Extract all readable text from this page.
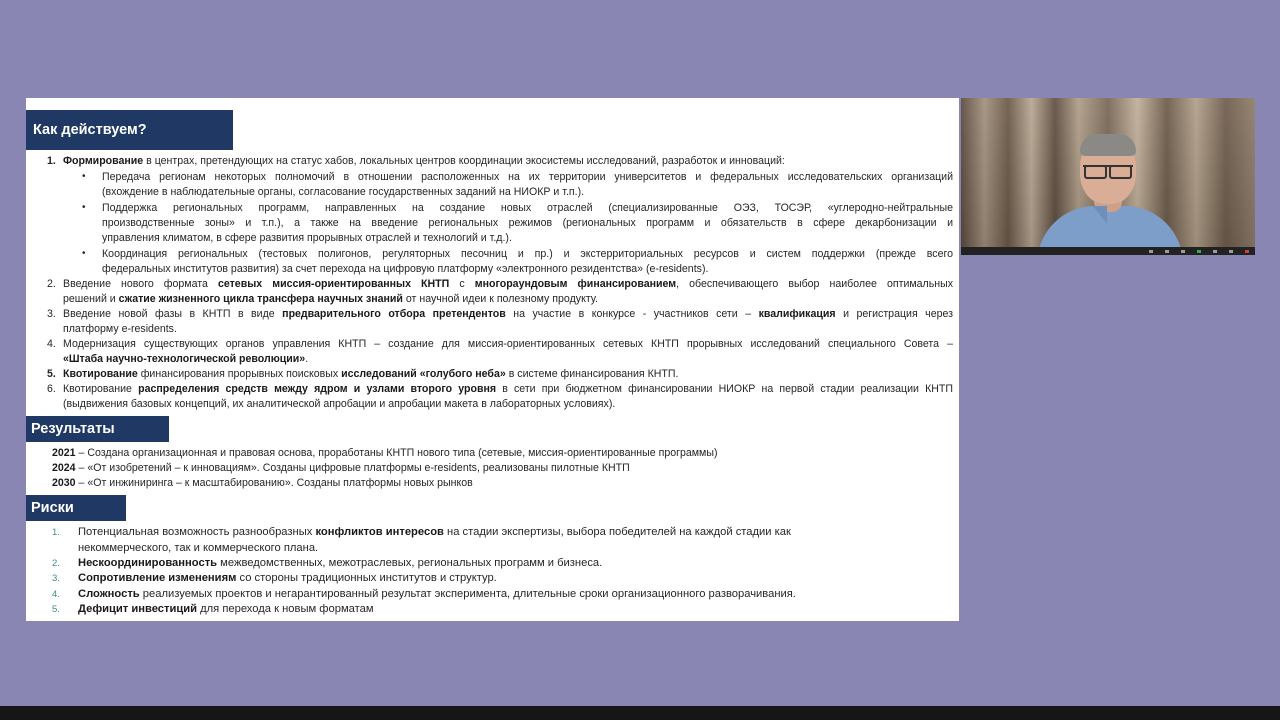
Как действуем?
1. Формирование в центрах, претендующих на статус хабов, локальных центров координации экосистемы исследований, разработок и инноваций:
• Передача регионам некоторых полномочий в отношении расположенных на их территории университетов и федеральных исследовательских организаций
(вхождение в наблюдательные органы, согласование государственных заданий на НИОКР и т.п.).
• Поддержка региональных программ, направленных на создание новых отраслей (специализированные ОЭЗ, ТОСЭР, «углеродно-нейтральные
производственные зоны» и т.п.), а также на введение региональных режимов (региональных программ и обязательств в сфере декарбонизации и
управления климатом, в сфере развития прорывных отраслей и технологий и т.д.).
• Координация региональных (тестовых полигонов, регуляторных песочниц и пр.) и экстерриториальных ресурсов и систем поддержки (прежде всего
федеральных институтов развития) за счет перехода на цифровую платформу «электронного резидентства» (e-residents).
2. Введение нового формата сетевых миссия-ориентированных КНТП с многораундовым финансированием, обеспечивающего выбор наиболее оптимальных
решений и сжатие жизненного цикла трансфера научных знаний от научной идеи к полезному продукту.
3. Введение новой фазы в КНТП в виде предварительного отбора претендентов на участие в конкурсе - участников сети – квалификация и регистрация через
платформу e-residents.
4. Модернизация существующих органов управления КНТП – создание для миссия-ориентированных сетевых КНТП прорывных исследований специального Совета –
«Штаба научно-технологической революции».
5. Квотирование финансирования прорывных поисковых исследований «голубого неба» в системе финансирования КНТП.
6. Квотирование распределения средств между ядром и узлами второго уровня в сети при бюджетном финансировании НИОКР на первой стадии реализации КНТП
(выдвижения базовых концепций, их аналитической апробации и апробации макета в лабораторных условиях).
Результаты
2021 – Создана организационная и правовая основа, проработаны КНТП нового типа (сетевые, миссия-ориентированные программы)
2024 – «От изобретений – к инновациям». Созданы цифровые платформы e-residents, реализованы пилотные КНТП
2030 – «От инжиниринга – к масштабированию». Созданы платформы новых рынков
Риски
1. Потенциальная возможность разнообразных конфликтов интересов на стадии экспертизы, выбора победителей на каждой стадии как
некоммерческого, так и коммерческого плана.
2. Нескоординированность межведомственных, межотраслевых, региональных программ и бизнеса.
3. Сопротивление изменениям со стороны традиционных институтов и структур.
4. Сложность реализуемых проектов и негарантированный результат эксперимента, длительные сроки организационного разворачивания.
5. Дефицит инвестиций для перехода к новым форматам
